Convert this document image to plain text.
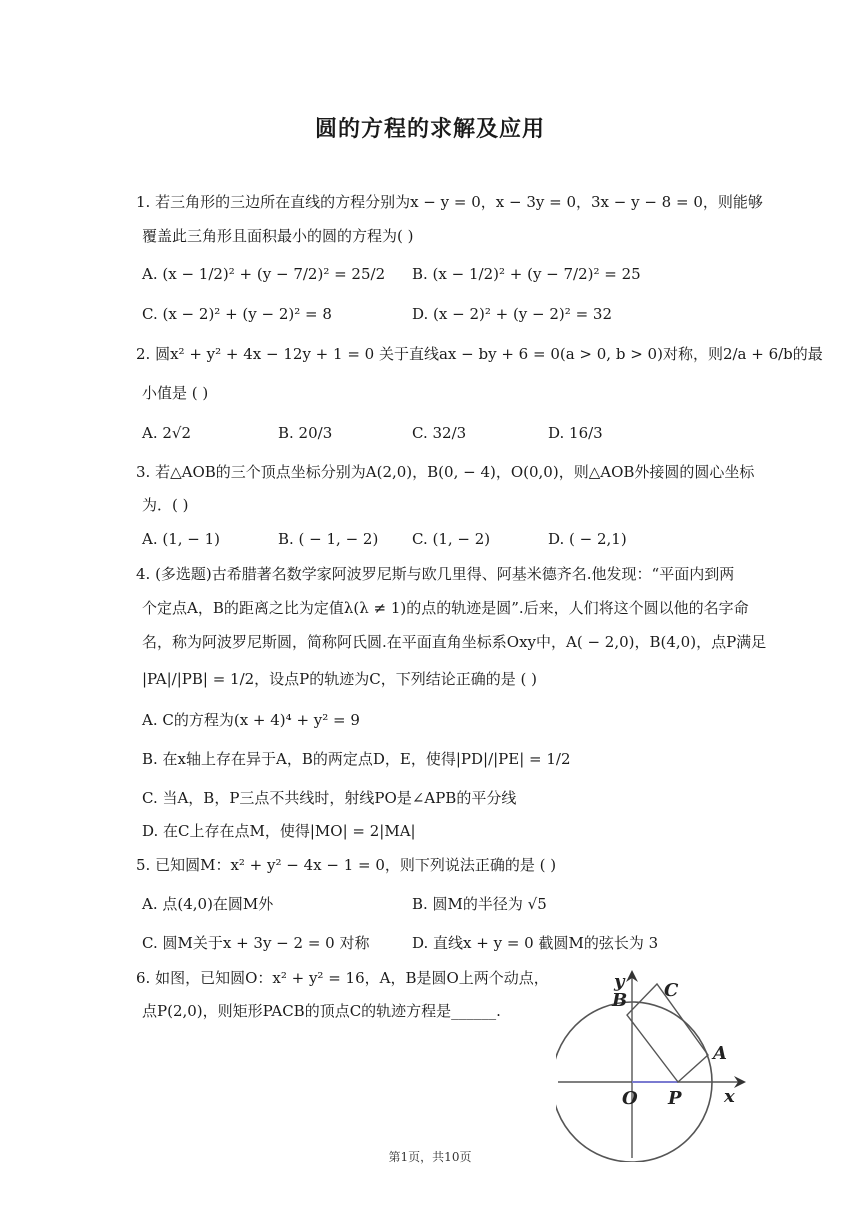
圆的方程的求解及应用
1. 若三角形的三边所在直线的方程分别为x − y = 0，x − 3y = 0，3x − y − 8 = 0，则能够
覆盖此三角形且面积最小的圆的方程为( )
A. (x − 1/2)² + (y − 7/2)² = 25/2 B. (x − 1/2)² + (y − 7/2)² = 25
C. (x − 2)² + (y − 2)² = 8	D. (x − 2)² + (y − 2)² = 32
2. 圆x² + y² + 4x − 12y + 1 = 0 关于直线ax − by + 6 = 0(a > 0, b > 0)对称，则2/a + 6/b的最
小值是 ( )
A. 2√2	B. 20/3	C. 32/3	D. 16/3
3. 若△AOB的三个顶点坐标分别为A(2,0)，B(0, − 4)，O(0,0)，则△AOB外接圆的圆心坐标
为．( )
A. (1, − 1)	B. ( − 1, − 2) C. (1, − 2)	D. ( − 2,1)
4. (多选题)古希腊著名数学家阿波罗尼斯与欧几里得、阿基米德齐名.他发现：“平面内到两
个定点A，B的距离之比为定值λ(λ ≠ 1)的点的轨迹是圆”.后来，人们将这个圆以他的名字命
名，称为阿波罗尼斯圆，简称阿氏圆.在平面直角坐标系Oxy中，A( − 2,0)，B(4,0)，点P满足
|PA|/|PB| = 1/2，设点P的轨迹为C，下列结论正确的是 ( )
A. C的方程为(x + 4)⁴ + y² = 9
B. 在x轴上存在异于A，B的两定点D，E，使得|PD|/|PE| = 1/2
C. 当A，B，P三点不共线时，射线PO是∠APB的平分线
D. 在C上存在点M，使得|MO| = 2|MA|
5. 已知圆M：x² + y² − 4x − 1 = 0，则下列说法正确的是 ( )
A. 点(4,0)在圆M外	B. 圆M的半径为 √5
C. 圆M关于x + 3y − 2 = 0 对称	D. 直线x + y = 0 截圆M的弦长为 3
6. 如图，已知圆O：x² + y² = 16，A，B是圆O上两个动点，
点P(2,0)，则矩形PACB的顶点C的轨迹方程是______.
y
x
O P
A
B C
第1页，共10页
